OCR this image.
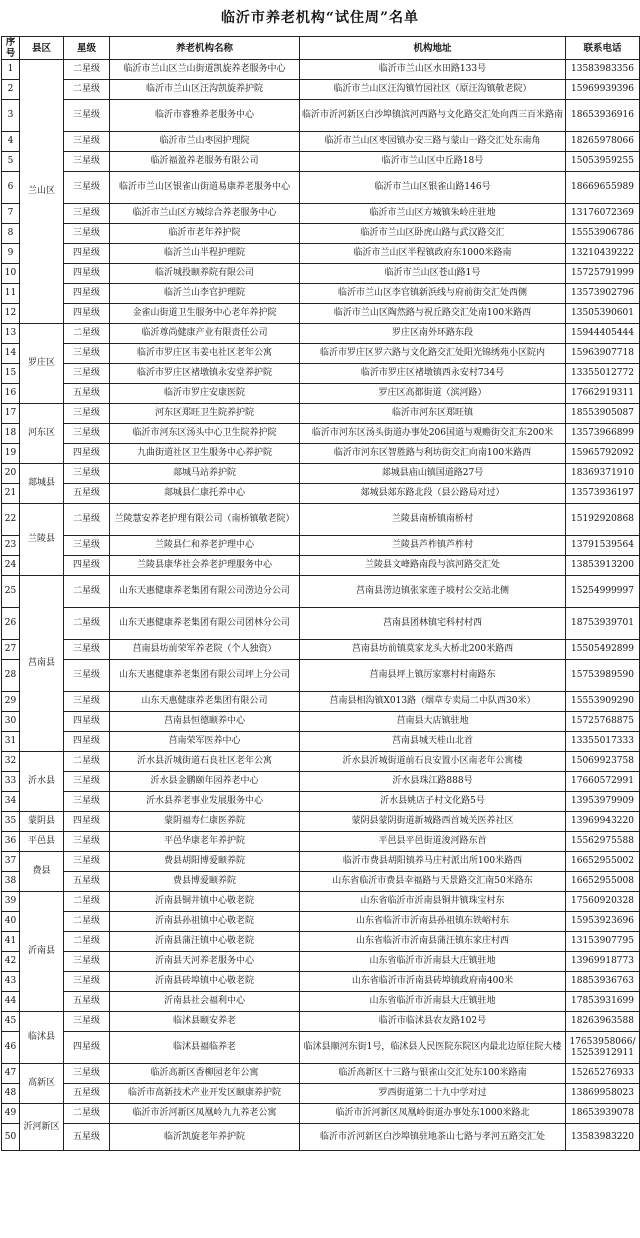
临沂市养老机构“试住周”名单
序号	县区	星级	养老机构名称	机构地址	联系电话
1	兰山区	二星级	临沂市兰山区兰山街道凯旋养老服务中心	临沂市兰山区水田路133号	13583983356
2		二星级	临沂市兰山区汪沟凯旋养护院	临沂市兰山区汪沟镇竹园社区（原汪沟镇敬老院）	15969939396
3		三星级	临沂市睿雅养老服务中心	临沂市沂河新区白沙埠镇滨河西路与文化路交汇处向西三百米路南	18653936916
4		三星级	临沂市兰山枣园护理院	临沂市兰山区枣园镇办安三路与蒙山一路交汇处东南角	18265978066
5		三星级	临沂福盈养老服务有限公司	临沂市兰山区中丘路18号	15053959255
6		三星级	临沂市兰山区银雀山街道易康养老服务中心	临沂市兰山区银雀山路146号	18669655989
7		三星级	临沂市兰山区方城综合养老服务中心	临沂市兰山区方城镇朱岭庄驻地	13176072369
8		三星级	临沂市老年养护院	临沂市兰山区卧虎山路与武汉路交汇	15553906786
9		四星级	临沂兰山半程护理院	临沂市兰山区半程镇政府东1000米路南	13210439222
10		四星级	临沂城投颐养院有限公司	临沂市兰山区苍山路1号	15725791999
11		四星级	临沂兰山李官护理院	临沂市兰山区李官镇新浜线与府前街交汇处西侧	13573902796
12		四星级	金雀山街道卫生服务中心老年养护院	临沂市兰山区陶然路与祝丘路交汇处南100米路西	13505390601
13	罗庄区	二星级	临沂尊尚健康产业有限责任公司	罗庄区南外环路东段	15944405444
14		三星级	临沂市罗庄区韦姜屯社区老年公寓	临沂市罗庄区罗六路与文化路交汇处阳光锦绣苑小区院内	15963907718
15		三星级	临沂市罗庄区褚墩镇永安堂养护院	临沂市罗庄区褚墩镇西永安村734号	13355012772
16		五星级	临沂市罗庄安康医院	罗庄区高都街道（滨河路）	17662919311
17	河东区	三星级	河东区郑旺卫生院养护院	临沂市河东区郑旺镇	18553905087
18		三星级	临沂市河东区汤头中心卫生院养护院	临沂市河东区汤头街道办事处206国道与观赡街交汇东200米	13573966899
19		四星级	九曲街道社区卫生服务中心养护院	临沂市河东区智胜路与利坊街交汇向南100米路西	15965792092
20	郯城县	三星级	郯城马站养护院	郯城县庙山镇国道路27号	18369371910
21		五星级	郯城县仁康托养中心	郯城县郯东路北段（县公路局对过）	13573936197
22	兰陵县	二星级	兰陵慧安养老护理有限公司（南桥镇敬老院）	兰陵县南桥镇南桥村	15192920868
23		三星级	兰陵县仁和养老护理中心	兰陵县芦柞镇芦柞村	13791539564
24		四星级	兰陵县康华社会养老护理服务中心	兰陵县文峰路南段与滨河路交汇处	13853913200
25	莒南县	二星级	山东天惠健康养老集团有限公司涝边分公司	莒南县涝边镇张家莲子坡村公交站北侧	15254999997
26		二星级	山东天惠健康养老集团有限公司团林分公司	莒南县团林镇宅科村村西	18753939701
27		三星级	莒南县坊前荣军养老院（个人独资）	莒南县坊前镇莫家龙头大桥北200米路西	15505492899
28		三星级	山东天惠健康养老集团有限公司坪上分公司	莒南县坪上镇厉家寨村村南路东	15753989590
29		三星级	山东天惠健康养老集团有限公司	莒南县相沟镇X013路（烟草专卖局二中队西30米）	15553909290
30		四星级	莒南县恒德颐养中心	莒南县大店镇驻地	15725768875
31		四星级	莒南荣军医养中心	莒南县城天桂山北首	13355017333
32	沂水县	二星级	沂水县沂城街道石良社区老年公寓	沂水县沂城街道前石良安置小区南老年公寓楼	15069923758
33		三星级	沂水县金鹏颐年园养老中心	沂水县珠江路888号	17660572991
34		三星级	沂水县养老事业发展服务中心	沂水县姚店子村文化路5号	13953979909
35	蒙阴县	四星级	蒙阴福寿仁康医养院	蒙阴县蒙阴街道新城路西首城关医养社区	13969943220
36	平邑县	三星级	平邑华康老年养护院	平邑县平邑街道浚河路东首	15562975588
37	费县	三星级	费县胡阳博爱颐养院	临沂市费县胡阳镇养马庄村派出所100米路西	16652955002
38		五星级	费县博爱颐养院	山东省临沂市费县幸福路与天景路交汇南50米路东	16652955008
39	沂南县	二星级	沂南县铜井镇中心敬老院	山东省临沂市沂南县铜井镇珠宝村东	17560920328
40		二星级	沂南县孙祖镇中心敬老院	山东省临沂市沂南县孙祖镇东铁峪村东	15953923696
41		二星级	沂南县蒲汪镇中心敬老院	山东省临沂市沂南县蒲汪镇东家庄村西	13153907795
42		三星级	沂南县天河养老服务中心	山东省临沂市沂南县大庄镇驻地	13969918773
43		三星级	沂南县砖埠镇中心敬老院	山东省临沂市沂南县砖埠镇政府南400米	18853936763
44		五星级	沂南县社会福利中心	山东省临沂市沂南县大庄镇驻地	17853931699
45	临沭县	三星级	临沭县颐安养老	临沂市临沭县农友路102号	18263963588
46		四星级	临沭县福临养老	临沭县顺河东街1号，临沭县人民医院东院区内最北边原住院大楼	17653958066/15253912911
47	高新区	三星级	临沂高新区香柳园老年公寓	临沂高新区十三路与银雀山交汇处东100米路南	15265276933
48		五星级	临沂市高新技术产业开发区颐康养护院	罗西街道第二十九中学对过	13869958023
49	沂河新区	二星级	临沂市沂河新区凤凰岭九九养老公寓	临沂市沂河新区凤凰岭街道办事处东1000米路北	18653939078
50		五星级	临沂凯旋老年养护院	临沂市沂河新区白沙埠镇驻地茶山七路与孝河五路交汇处	13583983220
